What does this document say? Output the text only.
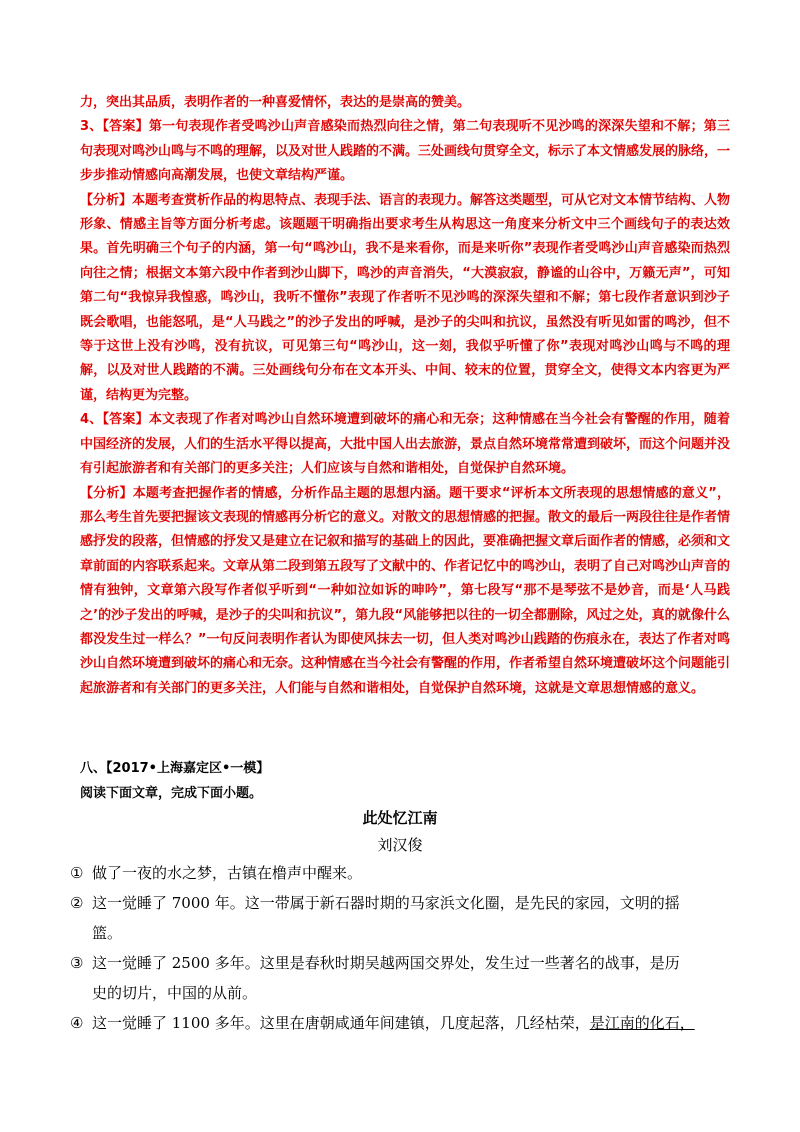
力，突出其品质，表明作者的一种喜爱情怀，表达的是崇高的赞美。

3、【答案】第一句表现作者受鸣沙山声音感染而热烈向往之情，第二句表现听不见沙鸣的深深失望和不解；第三句表现对鸣沙山鸣与不鸣的理解，以及对世人践踏的不满。三处画线句贯穿全文，标示了本文情感发展的脉络，一步步推动情感向高潮发展，也使文章结构严谨。

【分析】本题考查赏析作品的构思特点、表现手法、语言的表现力。解答这类题型，可从它对文本情节结构、人物形象、情感主旨等方面分析考虑。该题题干明确指出要求考生从构思这一角度来分析文中三个画线句子的表达效果。首先明确三个句子的内涵，第一句“鸣沙山，我不是来看你，而是来听你”表现作者受鸣沙山声音感染而热烈向往之情；根据文本第六段中作者到沙山脚下，鸣沙的声音消失，“大漠寂寂，静谧的山谷中，万籁无声”，可知第二句“我惊异我惶惑，鸣沙山，我听不懂你”表现了作者听不见沙鸣的深深失望和不解；第七段作者意识到沙子既会歌唱，也能怒吼，是“人马践之”的沙子发出的呼喊，是沙子的尖叫和抗议，虽然没有听见如雷的鸣沙，但不等于这世上没有沙鸣，没有抗议，可见第三句“鸣沙山，这一刻，我似乎听懂了你”表现对鸣沙山鸣与不鸣的理解，以及对世人践踏的不满。三处画线句分布在文本开头、中间、较末的位置，贯穿全文，使得文本内容更为严谨，结构更为完整。

4、【答案】本文表现了作者对鸣沙山自然环境遭到破坏的痛心和无奈；这种情感在当今社会有警醒的作用，随着中国经济的发展，人们的生活水平得以提高，大批中国人出去旅游，景点自然环境常常遭到破坏，而这个问题并没有引起旅游者和有关部门的更多关注；人们应该与自然和谐相处，自觉保护自然环境。

【分析】本题考查把握作者的情感，分析作品主题的思想内涵。题干要求“评析本文所表现的思想情感的意义”，那么考生首先要把握该文表现的情感再分析它的意义。对散文的思想情感的把握。散文的最后一两段往往是作者情感抒发的段落，但情感的抒发又是建立在记叙和描写的基础上的因此，要准确把握文章后面作者的情感，必须和文章前面的内容联系起来。文章从第二段到第五段写了文献中的、作者记忆中的鸣沙山，表明了自己对鸣沙山声音的情有独钟，文章第六段写作者似乎听到“一种如泣如诉的呻吟”，第七段写“那不是琴弦不是妙音，而是‘人马践之’的沙子发出的呼喊，是沙子的尖叫和抗议”，第九段“风能够把以往的一切全都删除，风过之处，真的就像什么都没发生过一样么？”一句反问表明作者认为即使风抹去一切，但人类对鸣沙山践踏的伤痕永在，表达了作者对鸣沙山自然环境遭到破坏的痛心和无奈。这种情感在当今社会有警醒的作用，作者希望自然环境遭破坏这个问题能引起旅游者和有关部门的更多关注，人们能与自然和谐相处，自觉保护自然环境，这就是文章思想情感的意义。

八、【2017•上海嘉定区•一模】
阅读下面文章，完成下面小题。
此处忆江南
刘汉俊
① 做了一夜的水之梦，古镇在橹声中醒来。
② 这一觉睡了 7000 年。这一带属于新石器时期的马家浜文化圈，是先民的家园，文明的摇
篮。
③ 这一觉睡了 2500 多年。这里是春秋时期吴越两国交界处，发生过一些著名的战事，是历
史的切片，中国的从前。
④ 这一觉睡了 1100 多年。这里在唐朝咸通年间建镇，几度起落，几经枯荣，是江南的化石，
